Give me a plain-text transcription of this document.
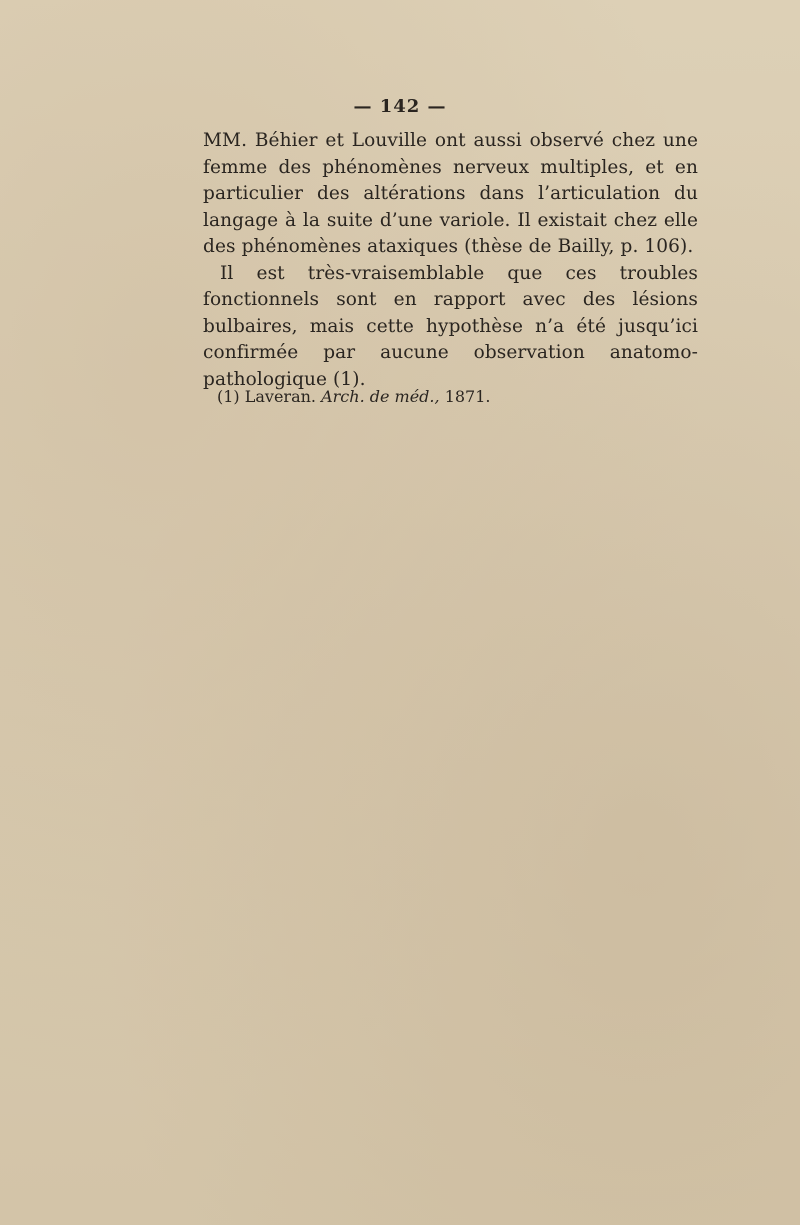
— 142 —

MM. Béhier et Louville ont aussi observé chez une femme des phénomènes nerveux multiples, et en particulier des altérations dans l’articulation du langage à la suite d’une variole. Il existait chez elle des phénomènes ataxiques (thèse de Bailly, p. 106).

Il est très-vraisemblable que ces troubles fonctionnels sont en rapport avec des lésions bulbaires, mais cette hypothèse n’a été jusqu’ici confirmée par aucune observation anatomo-pathologique (1).

(1) Laveran. Arch. de méd., 1871.
